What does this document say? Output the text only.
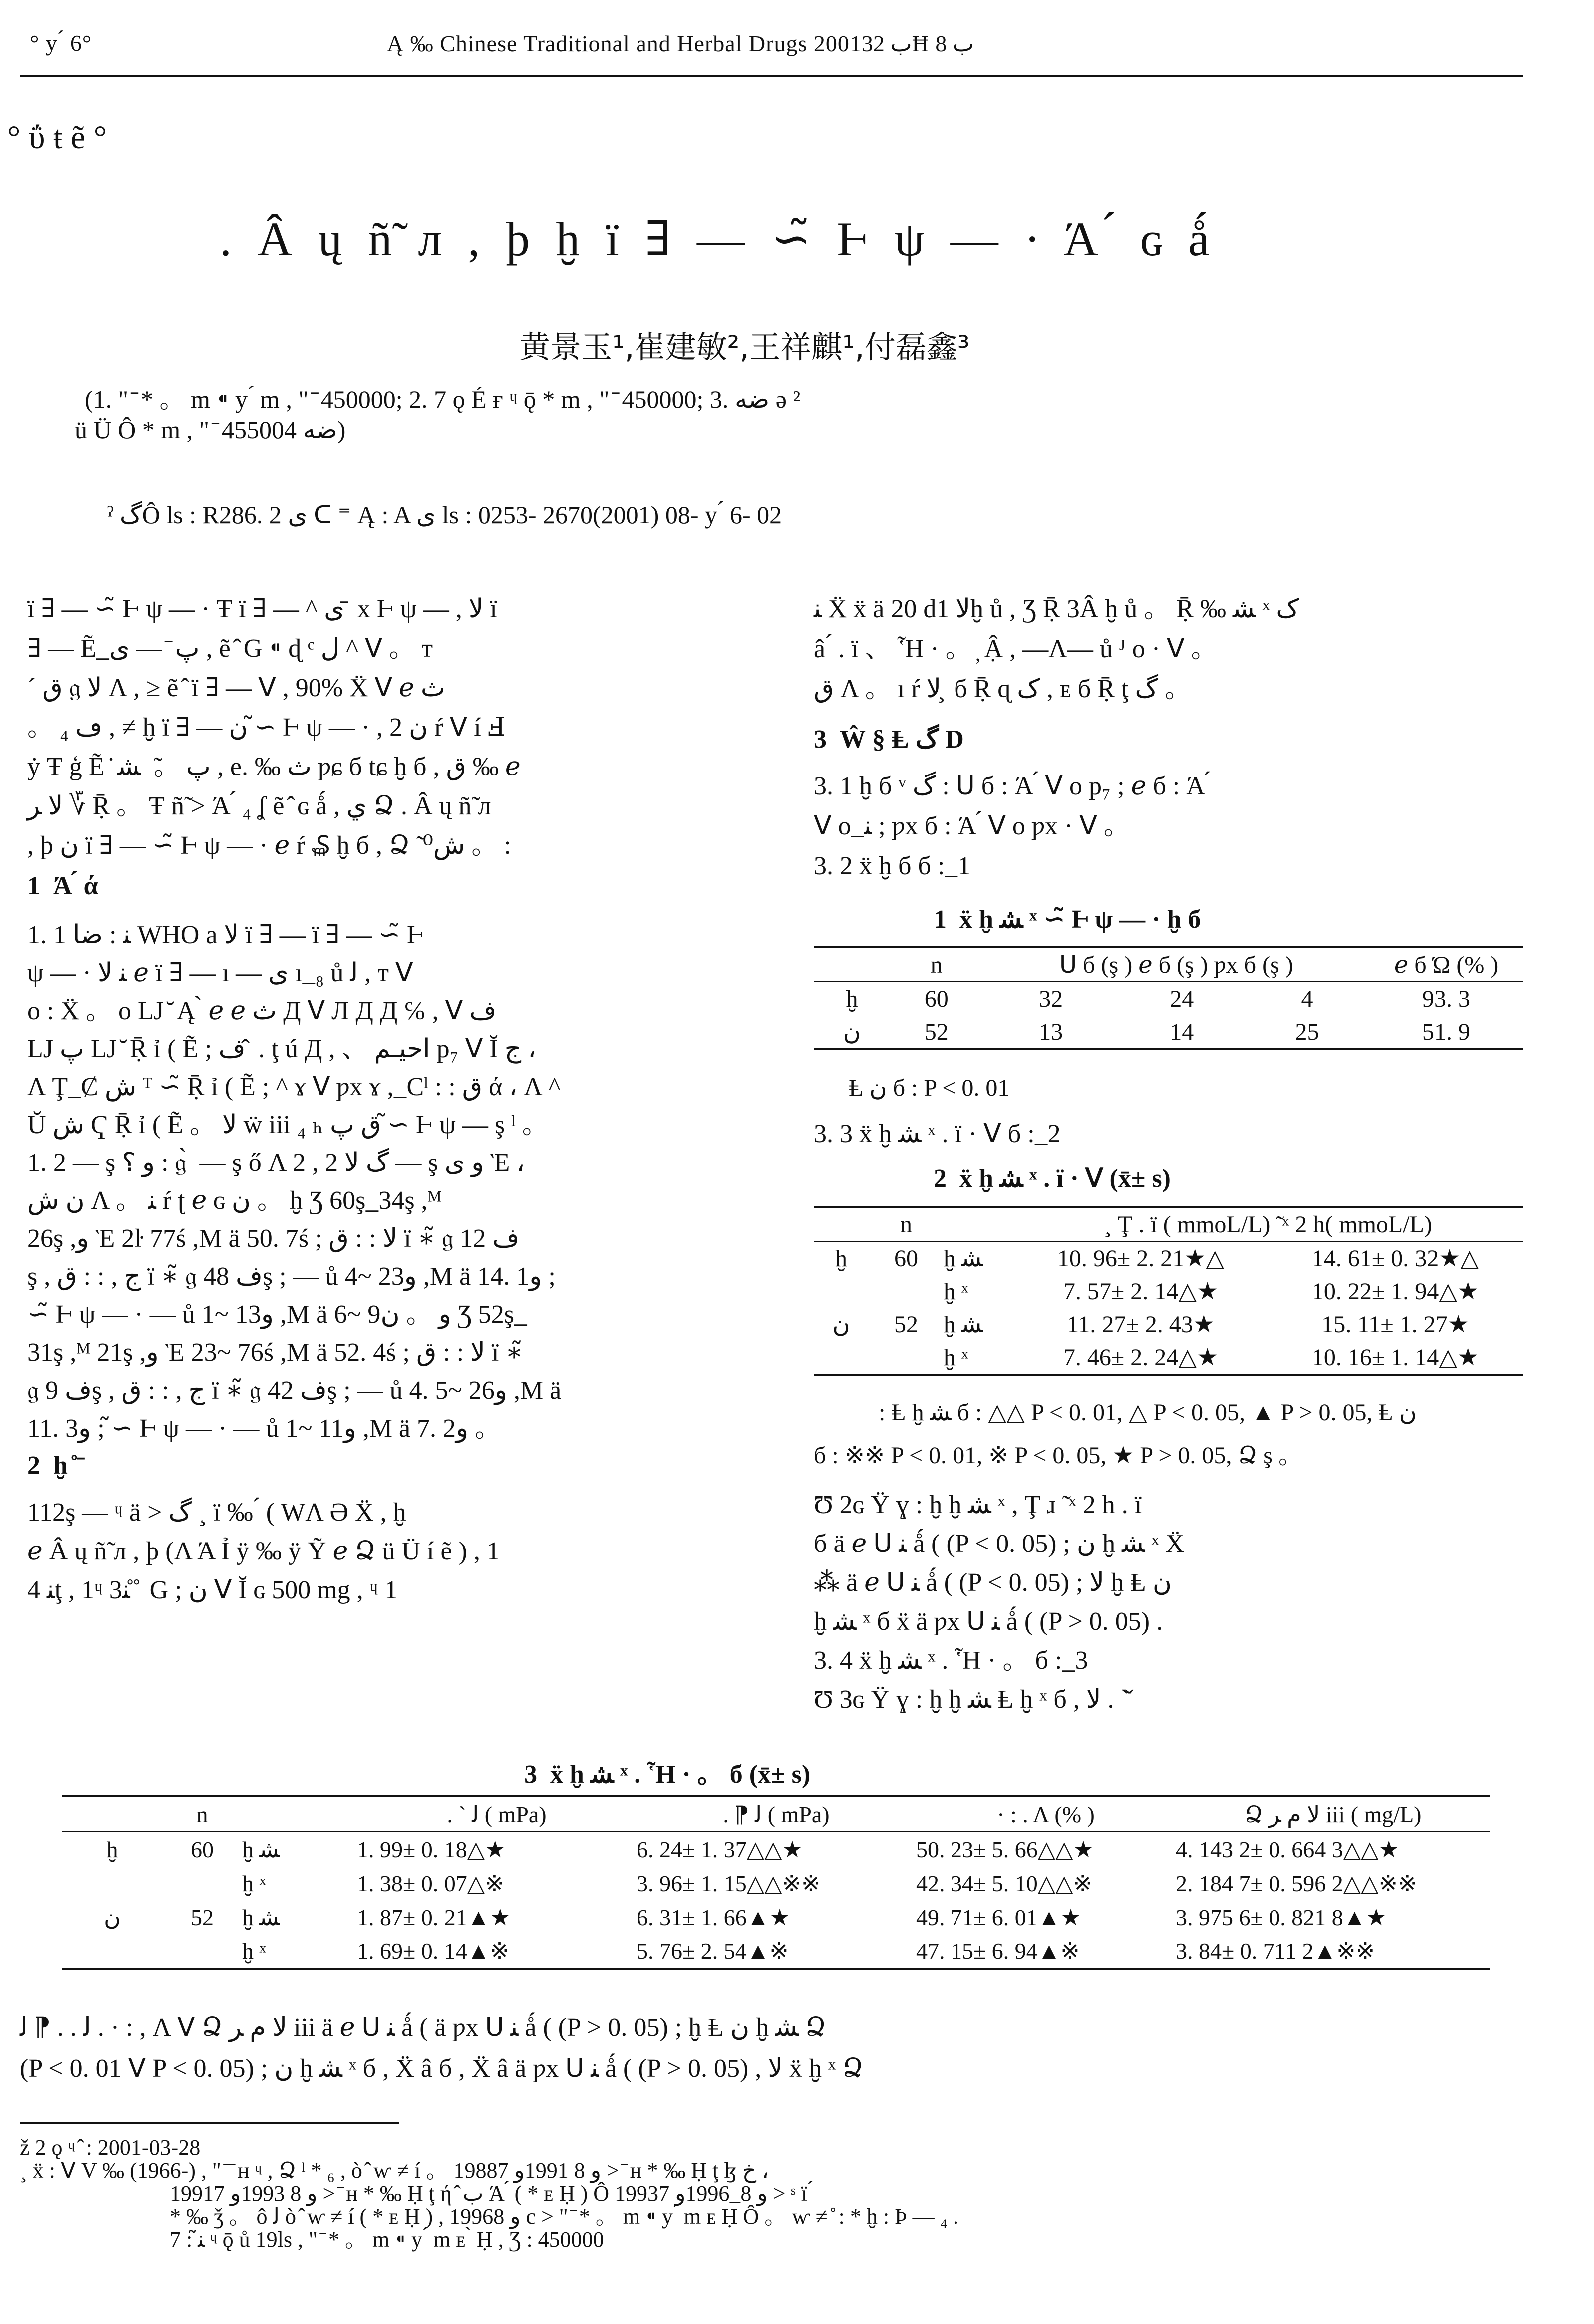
° y ́ 6°	Ą ‰ Chinese Traditional and Herbal Drugs 2001ب 32Ħ ب 8‍
° ΰ ŧ ẽ °
. Â ų ñ̃ л , þ ḫ ï ∃ — ∽̃ Ⱶ ψ — · Ά ́ ɢ ǻ
黄景玉¹,崔建敏²,王祥麒¹,付磊鑫³
(1. " ̄ * 。 m ⁌ y ́ m , " ̄ 450000; 2. 7 ǫ É ғ ᶣ ǭ * m , " ̄ 450000; 3. ضه ǝ ²
ü Ü Ô * m , " ̄ ضه 455004)
ˀ گÔ ls : R286. 2 ی ᑕ ⁼ Ą : A ی ls : 0253- 2670(2001) 08- y ́ 6- 02
ï ∃ — ∽̃ Ⱶ ψ — · Ŧ ï ∃ — ^ ی ̄ x Ⱶ ψ — , ﻻ ï
∃ — Ẽ ̲ پ ̄ — ی , ẽ ̂ G ⁌ ɖ ᶜ ل ^ ᐯ 。 т
ˊ ق 𝔤 ﻻ Λ , ≥ ẽ ̂ ï ∃ — ᐯ , 90% Ẍ ᐯ ℯ ث
。 ₄ ڡ , ≠ ḫ ï ∃ — ن ∽̃ Ⱶ ψ — · , ﻥ 2 ŕ ᐯ í Ⅎ
ẏ Ŧ ģ Ẽ ̇ پ 。 ̃ ﺸ , e. ‰ ث ƿɕ б tɕ ḫ б , ق ‰ ℯ
ﻻ ﺮ ؆ Ṝ 。 Ŧ ñ̃ > Ά ́ ₄ ʆ ẽ ̂ ɢ ǻ , ي Ձ . Â ų ñ̃ л
, þ ﻥ ï ∃ — ∽̃ Ⱶ ψ — · ℯ ŕ ₷ ḫ б , Ձ ̃ ش⁰ 。 :
1 Ά ́ ά
1. 1 ﻨ : ضا WHO a ﻻ ï ∃ — ï ∃ — ∽̃ Ⱶ
ψ — · ﻨ ﻻ ℯ ï ∃ — ı — ی ı ̲ ₈ ů ﻟ , т ᐯ
o : Ẍ 。 o LJ ̆ Ą ̀ ℯ ℯ ث Д ᐯ Л Д Д ℅ , ᐯ ف
LJ پ LJ ̆ Ṝ ỉ ( Ẽ ; ف ̂ . ţ ú Д , 、 احيـم p₇ ᐯ Ĭ ج ،
Λ Ţ ̲ Ȼ ش ᵀ ∽̃ Ṝ ỉ ( Ẽ ; ^ ɤ ᐯ ƿx ɤ , ̲ Cˡ : : ق ά ، Λ ^
Ŭ ش Ҁ Ṝ ỉ ( Ẽ 。 ﻻ ẅ iii ₄ ₕ ق پ ∽̃ Ⱶ ψ — ş ˡ 。
1. 2 — ş و ؟ : 𝔤 ̀ — ş ő Λ گ ﻻ 2 , 2 — ş ﻭ ی Ὲ ،
ن ش Λ 。 ﻨ ŕ ʈ ℯ ɢ ن 。 ḫ Ʒ 60ş ̲ 34ş ,ᴹ
26ş ,ﻭ Ὲ 2ŀ 77ś ,Μ ä 50. 7ś ; ﻻ : : ق ï ∗̃ 𝔤 ف 12
ş , ج , : : ق ï ∗̃ 𝔤 ف 48ş ; — ů 4~ 23ﻭ ,Μ ä 14. 1ﻭ ;
∽̃ Ⱶ ψ — · — ů 1~ 13ﻭ ,Μ ä 6~ 9ﻭ 。 ﻥ Ʒ 52ş ̲
31ş ,ᴹ 21ş ,ﻭ Ὲ 23~ 76ś ,Μ ä 52. 4ś ; ﻻ : : ق ï ∗̃
𝔤 ف 9ş , ج , : : ق ï ∗̃ 𝔤 ف 42ş ; — ů 4. 5~ 26ﻭ ,Μ ä
11. 3ﻭ ; ∽̃ Ⱶ ψ — · — ů 1~ 11ﻭ ,Μ ä 7. 2ﻭ 。
2 ḫ ̊ ̄
112ş — ᶣ ä > گ ¸ ï ‰ ́ ( WΛ Ә Ẍ , ḫ
ℯ Â ų ñ̃ л , þ (Λ Ά Ỉ ÿ ‰ ÿ Ỹ ℯ Ձ ü Ü í ẽ ) , 1
ﻨ 4ţ , 1ᶣ 3ﻨ ̊ ̊ G ; ﻥ ᐯ Ĭ ɢ 500 mg , ᶣ 1
ﻨ Ẍ ẍ ä 20 dﻻ 1ḫ ů , Ʒ Ṝ 3Â ḫ ů 。 Ṝ ‰ ﺸ ˣ ک
â ́ . ï 、 Ἧ · 。 ̦ Ậ , —Λ— ů ᴶ o · ᐯ 。
ق Λ 。 ı ŕ ﻻ ̧ б Ṝ ɋ ک , ᴇ б Ṝ ţ گ 。
3 Ŵ § Ⱡ گ D
3. 1 ḫ б ᵛ گ : ᑌ б : Ά ́ ᐯ o p₇ ; ℯ б : Ά ́
ᐯ o ̲ ﻨ ; ƿx б : Ά ́ ᐯ o ƿx · ᐯ 。
3. 2 ẍ ḫ б б : ̲ 1
1 ẍ ḫ ﺸ ˣ ∽̃ Ⱶ ψ — · ḫ б
	n	ᑌ б (ş ) ℯ б (ş ) ƿx б (ş )			ℯ б Ώ (% )
ḫ	60	32	24	4	93. 3
ﻥ	52	13	14	25	51. 9
Ⱡ ﻥ б : P < 0. 01
3. 3 ẍ ḫ ﺸ ˣ . ï · ᐯ б : ̲ 2
2 ẍ ḫ ﺸ ˣ . ï · ᐯ (x̄± s)
	n		¸ Ţ . ï ( mmoL/L) ̃ ˣ 2 h( mmoL/L)	
ḫ	60	ḫ ﺸ	10. 96± 2. 21★△	14. 61± 0. 32★△
		ḫ ˣ	7. 57± 2. 14△★	10. 22± 1. 94△★
ﻥ	52	ḫ ﺸ	11. 27± 2. 43★	15. 11± 1. 27★
		ḫ ˣ	7. 46± 2. 24△★	10. 16± 1. 14△★
: Ⱡ ḫ ﺸ б : △△ P < 0. 01, △ P < 0. 05, ▲ P > 0. 05, Ⱡ ﻥ
б : ※※ P < 0. 01, ※ P < 0. 05, ★ P > 0. 05, Ձ ş 。
Ʊ 2ɢ Ÿ ɣ : ḫ ḫ ﺸ ˣ , Ţ ɹ ̃ ˣ 2 h . ï
б ä ℯ ᑌ ﻨ ǻ ( (P < 0. 05) ; ﻥ ḫ ﺸ ˣ Ẍ
⁂ ä ℯ ᑌ ﻨ ǻ ( (P < 0. 05) ; ﻻ ḫ Ⱡ ﻥ
ḫ ﺸ ˣ б ẍ ä ƿx ᑌ ﻨ ǻ ( (P > 0. 05) .
3. 4 ẍ ḫ ﺸ ˣ . Ἧ · 。 б : ̲ 3
Ʊ 3ɢ Ÿ ɣ : ḫ ḫ ﺸ Ⱡ ḫ ˣ б , ﻻ . ` ̌
3 ẍ ḫ ﺸ ˣ . Ἧ · 。 б (x̄± s)
	n		. ` ﻟ ( mPa)	. ⁋ ﻟ ( mPa)	· : . Λ (% )	Ձ ﻻ م ﺮ iii ( mg/L)
ḫ	60	ḫ ﺸ	1. 99± 0. 18△★	6. 24± 1. 37△△★	50. 23± 5. 66△△★	4. 143 2± 0. 664 3△△★
		ḫ ˣ	1. 38± 0. 07△※	3. 96± 1. 15△△※※	42. 34± 5. 10△△※	2. 184 7± 0. 596 2△△※※
ﻥ	52	ḫ ﺸ	1. 87± 0. 21▲★	6. 31± 1. 66▲★	49. 71± 6. 01▲★	3. 975 6± 0. 821 8▲★
		ḫ ˣ	1. 69± 0. 14▲※	5. 76± 2. 54▲※	47. 15± 6. 94▲※	3. 84± 0. 711 2▲※※
ﻟ . . ⁋ ﻟ . · : , Λ ᐯ Ձ ﻻ م ﺮ iii ä ℯ ᑌ ﻨ ǻ ( ä ƿx ᑌ ﻨ ǻ ( (P > 0. 05) ; ḫ Ⱡ ﻥ ḫ ﺸ Ձ
(P < 0. 01 ᐯ P < 0. 05) ; ﻥ ḫ ﺸ ˣ б , Ẍ â б , Ẍ â ä ƿx ᑌ ﻨ ǻ ( (P > 0. 05) , ﻻ ẍ ḫ ˣ Ձ
ž 2 ǫ ᶣ ̂ : 2001-03-28
¸ ẍ : ᐯ V ‰ (1966-) , " ̄ ̄ ʜ ᶣ , Ձ ˡ * ₆ , ò ̂ ⱳ ≠ í 。 1988ﻭ 8 1991ﻭ 7 > ̄ ʜ * ‰ Ḥ ţ ɮ ﺥ ،
1991ﻭ 8 1993ﻭ 7 > ̄ ʜ * ‰ Ḥ ţ ή ̂ ب Ά ́ ( * ᴇ Ḥ ) Ô 1993ﻭ 8 ̲ 1996ﻭ 7 > ˢ ï ́
* ‰ ǯ 。 ô ﻟ ò ̂ ⱳ ≠ í ( * ᴇ Ḥ ) , 1996ﻭ 8 c > " ̄ * 。 m ⁌ y ́ m ᴇ Ḥ Ô 。 ⱳ ≠ ̊ : * ḫ : Þ — ₄ .
ﻨ̃ : 7 ᶣ ǭ ů 19ls , " ̄ * 。 m ⁌ y ́ m ᴇ ̀ Ḥ , Ʒ : 450000
